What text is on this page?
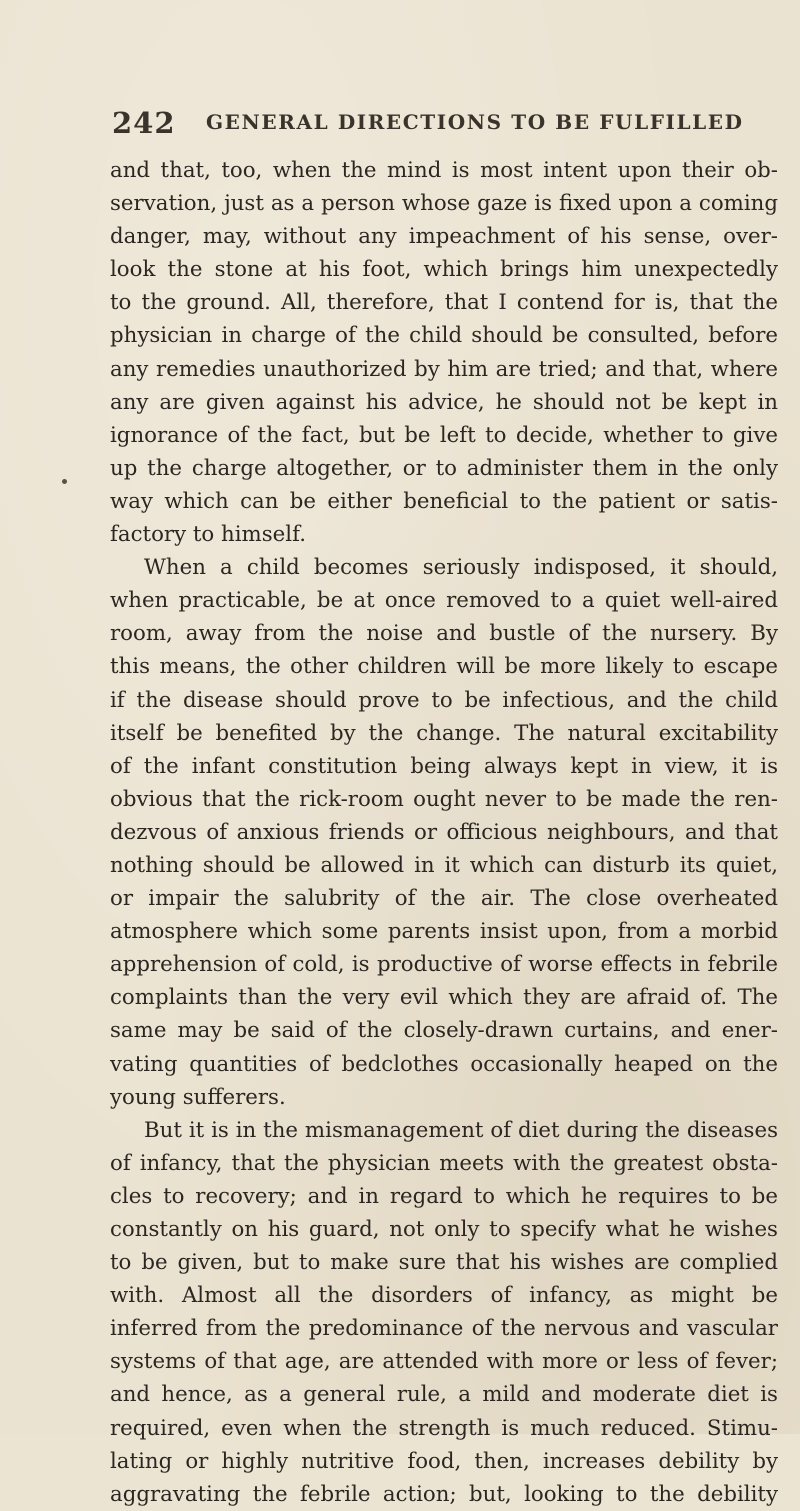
242 GENERAL DIRECTIONS TO BE FULFILLED
and that, too, when the mind is most intent upon their ob-
servation, just as a person whose gaze is fixed upon a coming
danger, may, without any impeachment of his sense, over-
look the stone at his foot, which brings him unexpectedly
to the ground. All, therefore, that I contend for is, that the
physician in charge of the child should be consulted, before
any remedies unauthorized by him are tried; and that, where
any are given against his advice, he should not be kept in
ignorance of the fact, but be left to decide, whether to give
up the charge altogether, or to administer them in the only
way which can be either beneficial to the patient or satis-
factory to himself.
When a child becomes seriously indisposed, it should,
when practicable, be at once removed to a quiet well-aired
room, away from the noise and bustle of the nursery. By
this means, the other children will be more likely to escape
if the disease should prove to be infectious, and the child
itself be benefited by the change. The natural excitability
of the infant constitution being always kept in view, it is
obvious that the rick-room ought never to be made the ren-
dezvous of anxious friends or officious neighbours, and that
nothing should be allowed in it which can disturb its quiet,
or impair the salubrity of the air. The close overheated
atmosphere which some parents insist upon, from a morbid
apprehension of cold, is productive of worse effects in febrile
complaints than the very evil which they are afraid of. The
same may be said of the closely-drawn curtains, and ener-
vating quantities of bedclothes occasionally heaped on the
young sufferers.
But it is in the mismanagement of diet during the diseases
of infancy, that the physician meets with the greatest obsta-
cles to recovery; and in regard to which he requires to be
constantly on his guard, not only to specify what he wishes
to be given, but to make sure that his wishes are complied
with. Almost all the disorders of infancy, as might be
inferred from the predominance of the nervous and vascular
systems of that age, are attended with more or less of fever;
and hence, as a general rule, a mild and moderate diet is
required, even when the strength is much reduced. Stimu-
lating or highly nutritive food, then, increases debility by
aggravating the febrile action; but, looking to the debility
